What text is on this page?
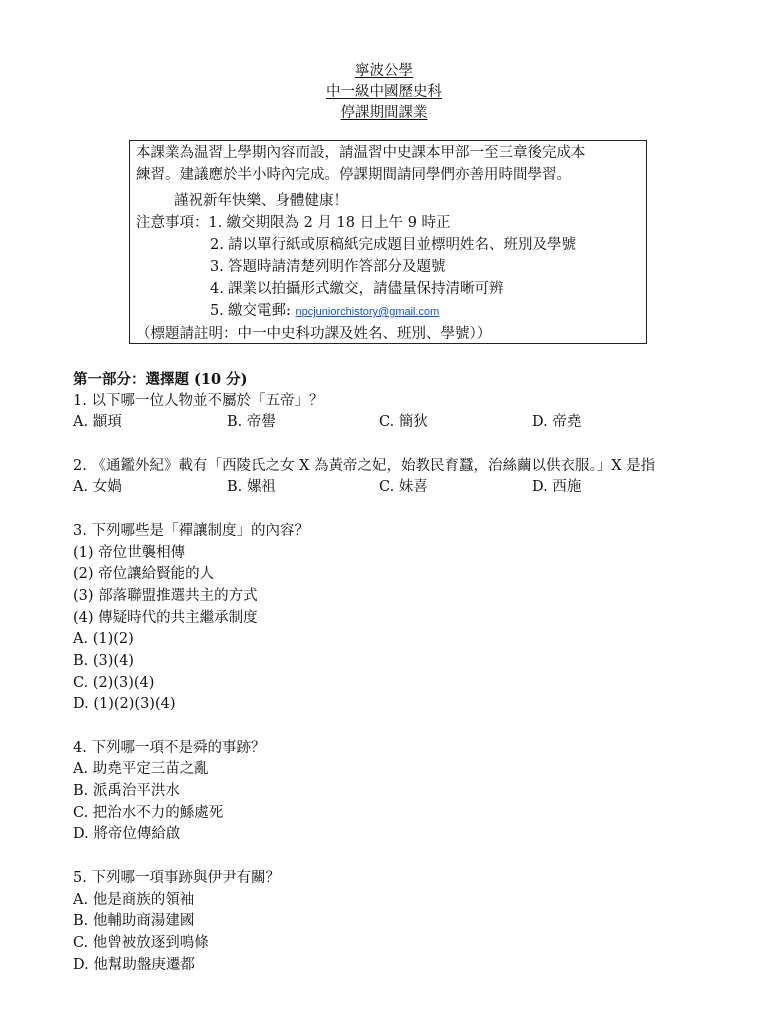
寧波公學
中一級中國歷史科
停課期間課業
本課業為温習上學期內容而設，請温習中史課本甲部一至三章後完成本
練習。建議應於半小時內完成。停課期間請同學們亦善用時間學習。
謹祝新年快樂、身體健康！
注意事項：1. 繳交期限為 2 月 18 日上午 9 時正
2. 請以單行紙或原稿紙完成題目並標明姓名、班別及學號
3. 答題時請清楚列明作答部分及題號
4. 課業以拍攝形式繳交，請儘量保持清晰可辨
5. 繳交電郵: npcjuniorchistory@gmail.com
（標題請註明：中一中史科功課及姓名、班別、學號））
第一部分：選擇題 (10 分)
1. 以下哪一位人物並不屬於「五帝」？
A. 顓頊	B. 帝嚳	C. 簡狄	D. 帝堯
2. 《通鑑外紀》載有「西陵氏之女 X 為黃帝之妃，始教民育蠶，治絲繭以供衣服。」X 是指
A. 女媧	B. 嫘祖	C. 妹喜	D. 西施
3. 下列哪些是「禪讓制度」的內容？
(1) 帝位世襲相傳
(2) 帝位讓給賢能的人
(3) 部落聯盟推選共主的方式
(4) 傳疑時代的共主繼承制度
A. (1)(2)
B. (3)(4)
C. (2)(3)(4)
D. (1)(2)(3)(4)
4. 下列哪一項不是舜的事跡？
A. 助堯平定三苗之亂
B. 派禹治平洪水
C. 把治水不力的鯀處死
D. 將帝位傳給啟
5. 下列哪一項事跡與伊尹有關？
A. 他是商族的領袖
B. 他輔助商湯建國
C. 他曾被放逐到鳴條
D. 他幫助盤庚遷都
